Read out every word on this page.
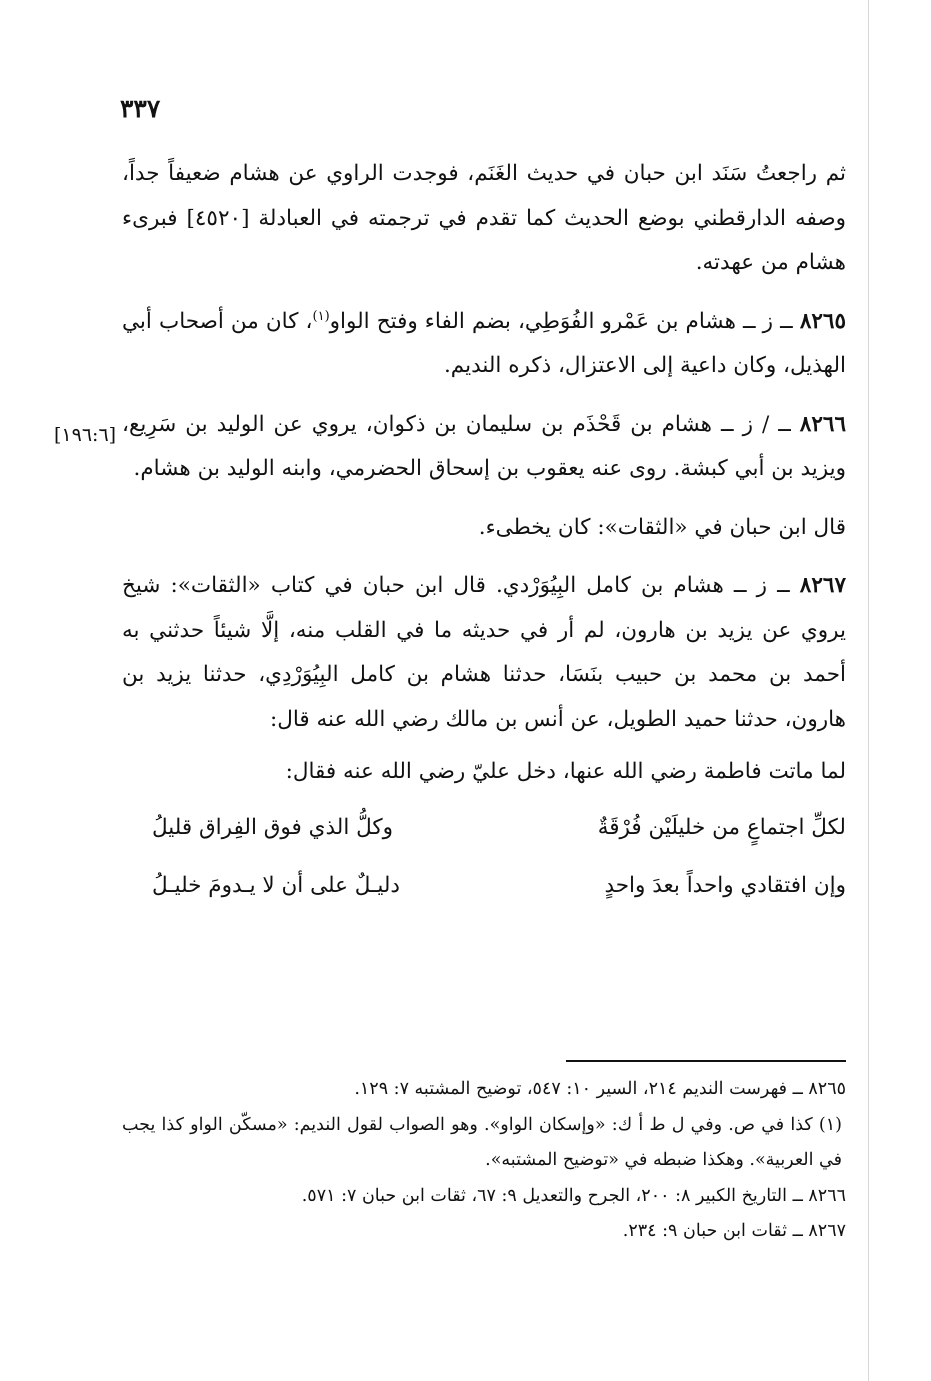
٣٣٧
[١٩٦:٦]

ثم راجعتُ سَنَد ابن حبان في حديث الغَنَم، فوجدت الراوي عن هشام ضعيفاً جداً، وصفه الدارقطني بوضع الحديث كما تقدم في ترجمته في العبادلة [٤٥٢٠] فبرىء هشام من عهدته.

٨٢٦٥ ــ ز ــ هشام بن عَمْرو الفُوَطِي، بضم الفاء وفتح الواو$^{(١)}$، كان من أصحاب أبي الهذيل، وكان داعية إلى الاعتزال، ذكره النديم.

٨٢٦٦ ــ / ز ــ هشام بن قَحْذَم بن سليمان بن ذكوان، يروي عن الوليد بن سَرِيع، ويزيد بن أبي كبشة. روى عنه يعقوب بن إسحاق الحضرمي، وابنه الوليد بن هشام.

قال ابن حبان في «الثقات»: كان يخطىء.

٨٢٦٧ ــ ز ــ هشام بن كامل البِيُوَرْدي. قال ابن حبان في كتاب «الثقات»: شيخ يروي عن يزيد بن هارون، لم أر في حديثه ما في القلب منه، إلَّا شيئاً حدثني به أحمد بن محمد بن حبيب بنَسَا، حدثنا هشام بن كامل البِيُوَرْدِي، حدثنا يزيد بن هارون، حدثنا حميد الطويل، عن أنس بن مالك رضي الله عنه قال:

لما ماتت فاطمة رضي الله عنها، دخل عليّ رضي الله عنه فقال:

لكلِّ اجتماعٍ من خليلَيْن فُرْقَةٌ
وكلُّ الذي فوق الفِراق قليلُ
وإن افتقادي واحداً بعدَ واحدٍ
دليـلٌ على أن لا يـدومَ خليـلُ

٨٢٦٥ ــ فهرست النديم ٢١٤، السير ١٠: ٥٤٧، توضيح المشتبه ٧: ١٢٩.

(١) كذا في ص. وفي ل ط أ ك: «وإسكان الواو». وهو الصواب لقول النديم: «مسكّن الواو كذا يجب في العربية». وهكذا ضبطه في «توضيح المشتبه».

٨٢٦٦ ــ التاريخ الكبير ٨: ٢٠٠، الجرح والتعديل ٩: ٦٧، ثقات ابن حبان ٧: ٥٧١.

٨٢٦٧ ــ ثقات ابن حبان ٩: ٢٣٤.
